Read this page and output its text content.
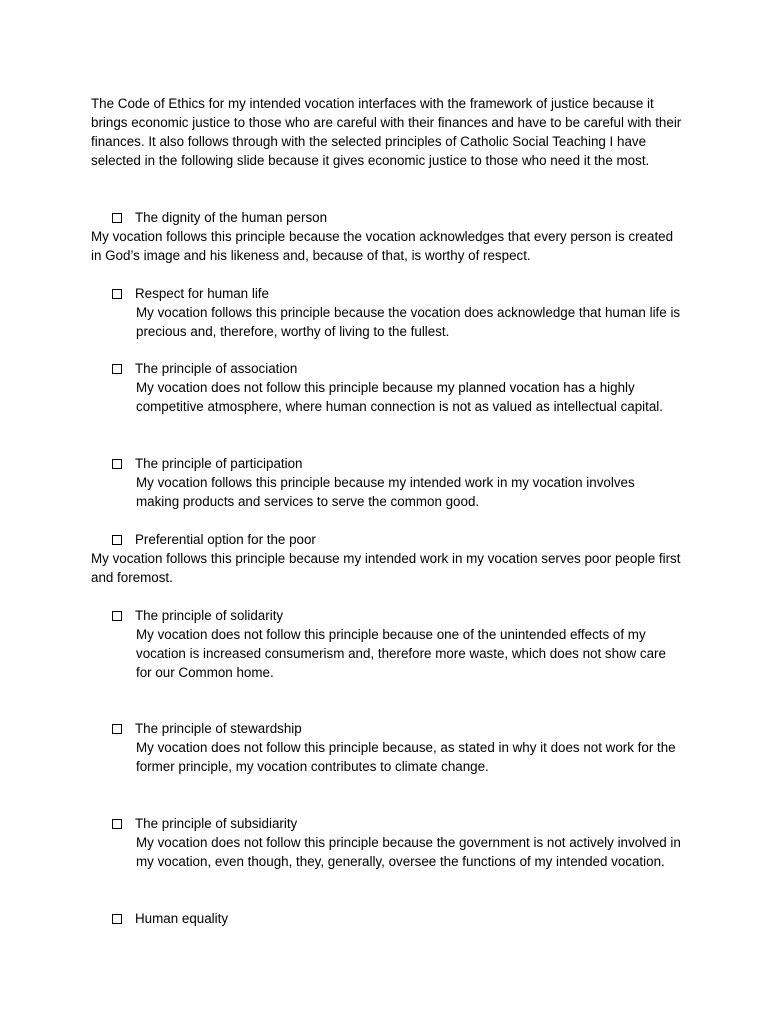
The Code of Ethics for my intended vocation interfaces with the framework of justice because it brings economic justice to those who are careful with their finances and have to be careful with their finances. It also follows through with the selected principles of Catholic Social Teaching I have selected in the following slide because it gives economic justice to those who need it the most.

The dignity of the human person
My vocation follows this principle because the vocation acknowledges that every person is created in God’s image and his likeness and, because of that, is worthy of respect.
Respect for human life
My vocation follows this principle because the vocation does acknowledge that human life is precious and, therefore, worthy of living to the fullest.
The principle of association
My vocation does not follow this principle because my planned vocation has a highly competitive atmosphere, where human connection is not as valued as intellectual capital.
The principle of participation
My vocation follows this principle because my intended work in my vocation involves making products and services to serve the common good.
Preferential option for the poor
My vocation follows this principle because my intended work in my vocation serves poor people first and foremost.
The principle of solidarity
My vocation does not follow this principle because one of the unintended effects of my vocation is increased consumerism and, therefore more waste, which does not show care for our Common home.
The principle of stewardship
My vocation does not follow this principle because, as stated in why it does not work for the former principle, my vocation contributes to climate change.
The principle of subsidiarity
My vocation does not follow this principle because the government is not actively involved in my vocation, even though, they, generally, oversee the functions of my intended vocation.
Human equality
